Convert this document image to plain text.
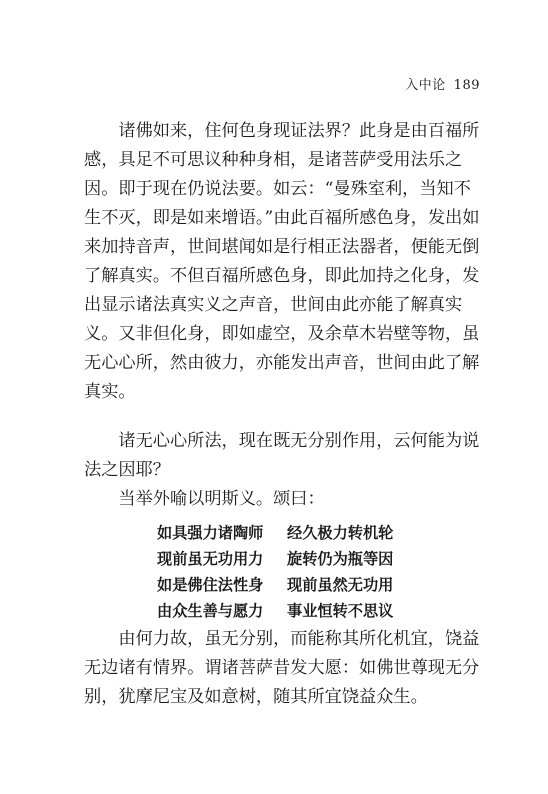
入中论 189

诸佛如来，住何色身现证法界？此身是由百福所感，具足不可思议种种身相，是诸菩萨受用法乐之因。即于现在仍说法要。如云：“曼殊室利，当知不生不灭，即是如来增语。”由此百福所感色身，发出如来加持音声，世间堪闻如是行相正法器者，便能无倒了解真实。不但百福所感色身，即此加持之化身，发出显示诸法真实义之声音，世间由此亦能了解真实义。又非但化身，即如虚空，及余草木岩壁等物，虽无心心所，然由彼力，亦能发出声音，世间由此了解真实。

诸无心心所法，现在既无分别作用，云何能为说法之因耶？

当举外喻以明斯义。颂曰：

如具强力诸陶师 经久极力转机轮
现前虽无功用力 旋转仍为瓶等因
如是佛住法性身 现前虽然无功用
由众生善与愿力 事业恒转不思议

由何力故，虽无分别，而能称其所化机宜，饶益无边诸有情界。谓诸菩萨昔发大愿：如佛世尊现无分别，犹摩尼宝及如意树，随其所宜饶益众生。
